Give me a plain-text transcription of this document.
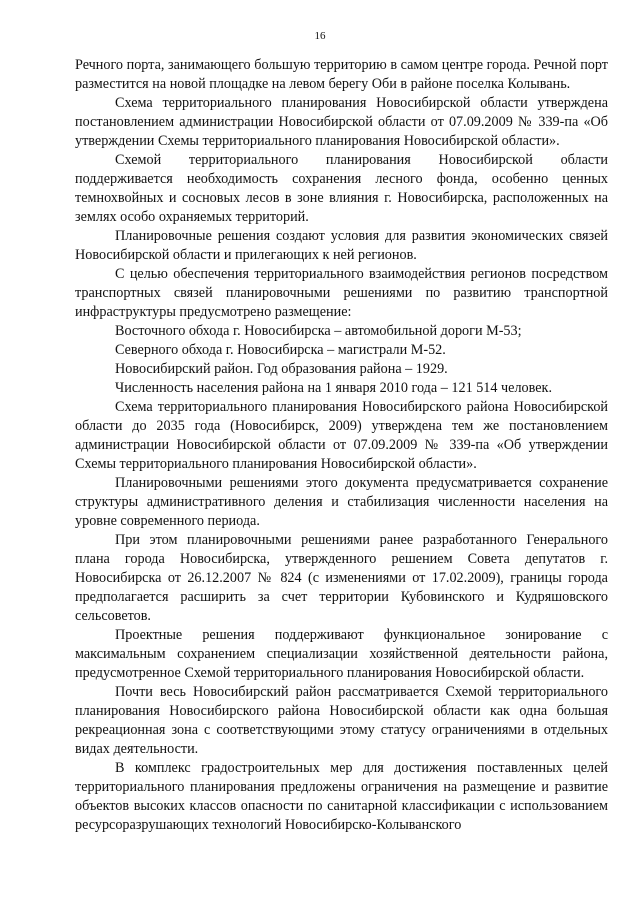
16

Речного порта, занимающего большую территорию в самом центре города. Речной порт разместится на новой площадке на левом берегу Оби в районе поселка Колывань.

Схема территориального планирования Новосибирской области утверждена постановлением администрации Новосибирской области от 07.09.2009 № 339-па «Об утверждении Схемы территориального планирования Новосибирской области».

Схемой территориального планирования Новосибирской области поддерживается необходимость сохранения лесного фонда, особенно ценных темнохвойных и сосновых лесов в зоне влияния г. Новосибирска, расположенных на землях особо охраняемых территорий.

Планировочные решения создают условия для развития экономических связей Новосибирской области и прилегающих к ней регионов.

С целью обеспечения территориального взаимодействия регионов посредством транспортных связей планировочными решениями по развитию транспортной инфраструктуры предусмотрено размещение:

Восточного обхода г. Новосибирска – автомобильной дороги М-53;

Северного обхода г. Новосибирска – магистрали М-52.

Новосибирский район. Год образования района – 1929.

Численность населения района на 1 января 2010 года – 121 514 человек.

Схема территориального планирования Новосибирского района Новосибирской области до 2035 года (Новосибирск, 2009) утверждена тем же постановлением администрации Новосибирской области от 07.09.2009 № 339-па «Об утверждении Схемы территориального планирования Новосибирской области».

Планировочными решениями этого документа предусматривается сохранение структуры административного деления и стабилизация численности населения на уровне современного периода.

При этом планировочными решениями ранее разработанного Генерального плана города Новосибирска, утвержденного решением Совета депутатов г. Новосибирска от 26.12.2007 № 824 (с изменениями от 17.02.2009), границы города предполагается расширить за счет территории Кубовинского и Кудряшовского сельсоветов.

Проектные решения поддерживают функциональное зонирование с максимальным сохранением специализации хозяйственной деятельности района, предусмотренное Схемой территориального планирования Новосибирской области.

Почти весь Новосибирский район рассматривается Схемой территориального планирования Новосибирского района Новосибирской области как одна большая рекреационная зона с соответствующими этому статусу ограничениями в отдельных видах деятельности.

В комплекс градостроительных мер для достижения поставленных целей территориального планирования предложены ограничения на размещение и развитие объектов высоких классов опасности по санитарной классификации с использованием ресурсоразрушающих технологий Новосибирско-Колыванского
